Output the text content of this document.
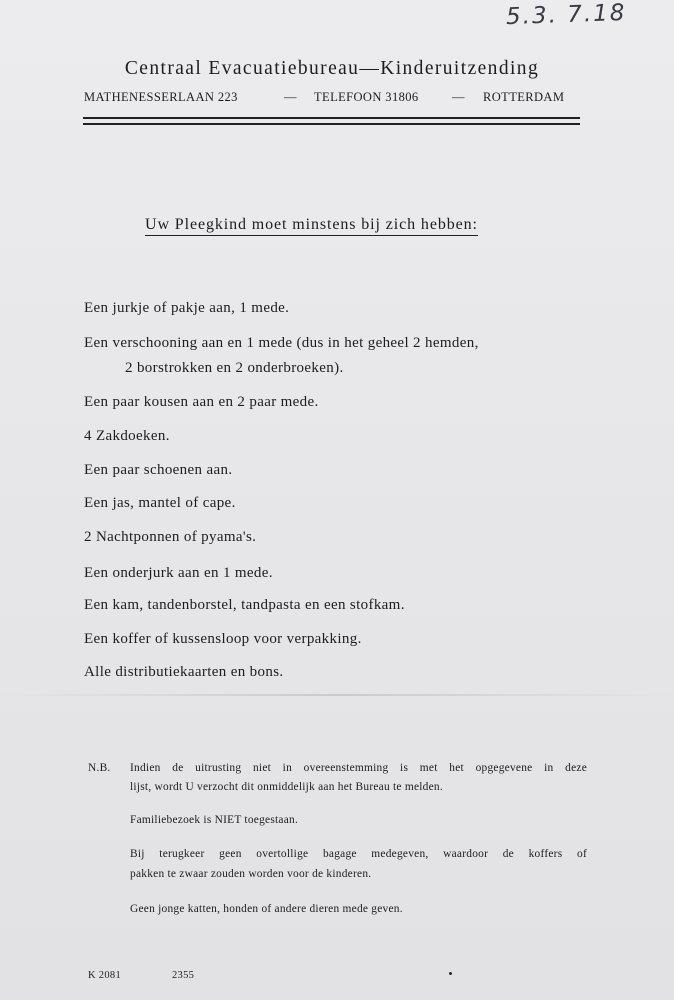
5.3. 7.18
Centraal Evacuatiebureau—Kinderuitzending
MATHENESSERLAAN 223	— TELEFOON 31806	— ROTTERDAM
Uw Pleegkind moet minstens bij zich hebben:
Een jurkje of pakje aan, 1 mede.
Een verschooning aan en 1 mede (dus in het geheel 2 hemden,
2 borstrokken en 2 onderbroeken).
Een paar kousen aan en 2 paar mede.
4 Zakdoeken.
Een paar schoenen aan.
Een jas, mantel of cape.
2 Nachtponnen of pyama's.
Een onderjurk aan en 1 mede.
Een kam, tandenborstel, tandpasta en een stofkam.
Een koffer of kussensloop voor verpakking.
Alle distributiekaarten en bons.
N.B. Indien de uitrusting niet in overeenstemming is met het opgegevene in deze
lijst, wordt U verzocht dit onmiddelijk aan het Bureau te melden.
Familiebezoek is NIET toegestaan.
Bij terugkeer geen overtollige bagage medegeven, waardoor de koffers of
pakken te zwaar zouden worden voor de kinderen.
Geen jonge katten, honden of andere dieren mede geven.
K 2081	2355
